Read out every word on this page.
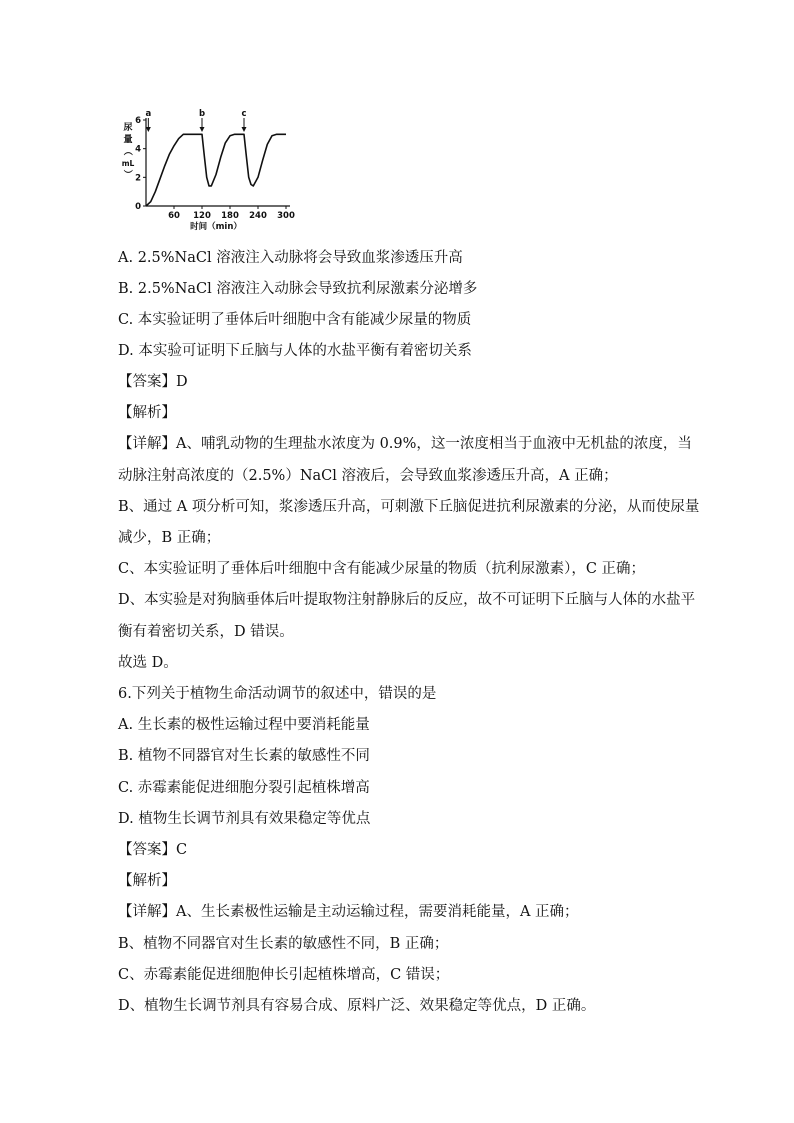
60 120 180 240 300
0
2
4
6
尿
量
（
mL
）
时间（min）
a	b	c
A. 2.5%NaCl 溶液注入动脉将会导致血浆渗透压升高
B. 2.5%NaCl 溶液注入动脉会导致抗利尿激素分泌增多
C. 本实验证明了垂体后叶细胞中含有能减少尿量的物质
D. 本实验可证明下丘脑与人体的水盐平衡有着密切关系
【答案】D
【解析】
【详解】A、哺乳动物的生理盐水浓度为 0.9%，这一浓度相当于血液中无机盐的浓度，当
动脉注射高浓度的（2.5%）NaCl 溶液后，会导致血浆渗透压升高，A 正确；
B、通过 A 项分析可知，浆渗透压升高，可刺激下丘脑促进抗利尿激素的分泌，从而使尿量
减少，B 正确；
C、本实验证明了垂体后叶细胞中含有能减少尿量的物质（抗利尿激素），C 正确；
D、本实验是对狗脑垂体后叶提取物注射静脉后的反应，故不可证明下丘脑与人体的水盐平
衡有着密切关系，D 错误。
故选 D。
6.下列关于植物生命活动调节的叙述中，错误的是
A. 生长素的极性运输过程中要消耗能量
B. 植物不同器官对生长素的敏感性不同
C. 赤霉素能促进细胞分裂引起植株增高
D. 植物生长调节剂具有效果稳定等优点
【答案】C
【解析】
【详解】A、生长素极性运输是主动运输过程，需要消耗能量，A 正确；
B、植物不同器官对生长素的敏感性不同，B 正确；
C、赤霉素能促进细胞伸长引起植株增高，C 错误；
D、植物生长调节剂具有容易合成、原料广泛、效果稳定等优点，D 正确。
